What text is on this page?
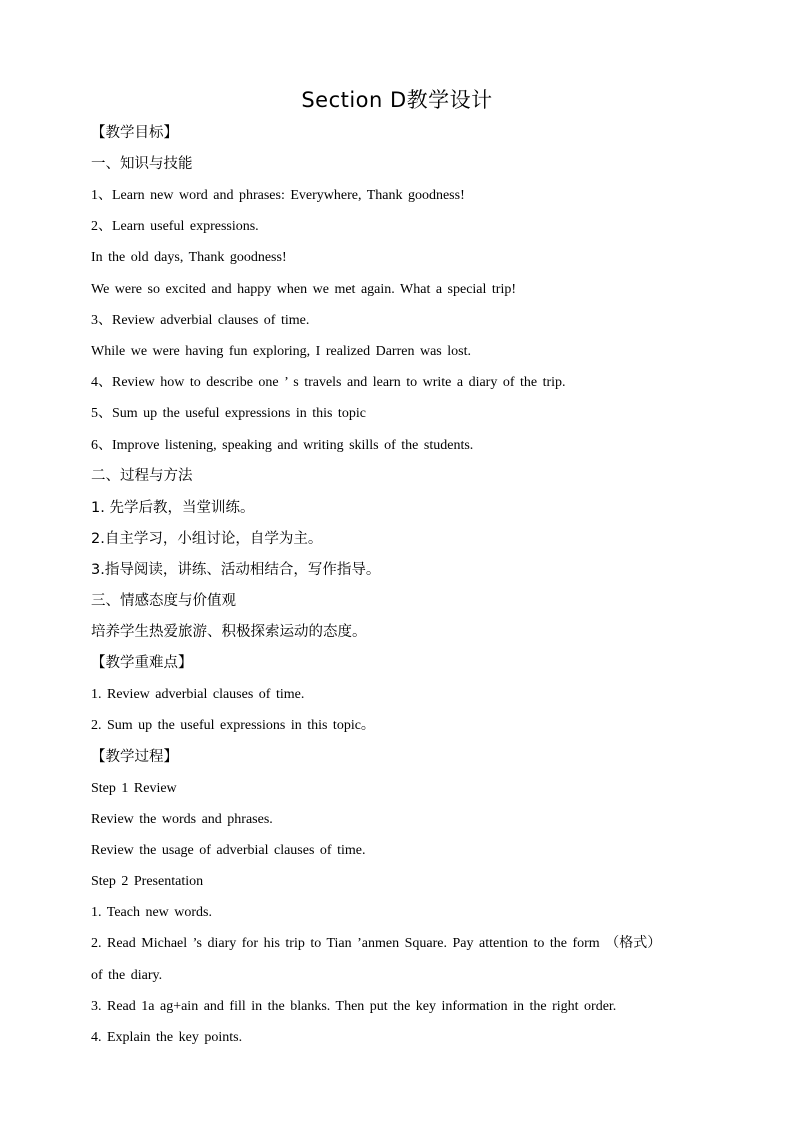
Section D教学设计
【教学目标】
一、知识与技能
1、Learn new word and phrases: Everywhere, Thank goodness!
2、Learn useful expressions.
In the old days, Thank goodness!
We were so excited and happy when we met again. What a special trip!
3、Review adverbial clauses of time.
While we were having fun exploring, I realized Darren was lost.
4、Review how to describe one ’ s travels and learn to write a diary of the trip.
5、Sum up the useful expressions in this topic
6、Improve listening, speaking and writing skills of the students.
二、过程与方法
1. 先学后教，当堂训练。
2.自主学习，小组讨论，自学为主。
3.指导阅读，讲练、活动相结合，写作指导。
三、情感态度与价值观
培养学生热爱旅游、积极探索运动的态度。
【教学重难点】
1. Review adverbial clauses of time.
2. Sum up the useful expressions in this topic。
【教学过程】
Step 1 Review
Review the words and phrases.
Review the usage of adverbial clauses of time.
Step 2 Presentation
1. Teach new words.
2. Read Michael ’s diary for his trip to Tian ’anmen Square. Pay attention to the form （格式）
of the diary.
3. Read 1a ag+ain and fill in the blanks. Then put the key information in the right order.
4. Explain the key points.
